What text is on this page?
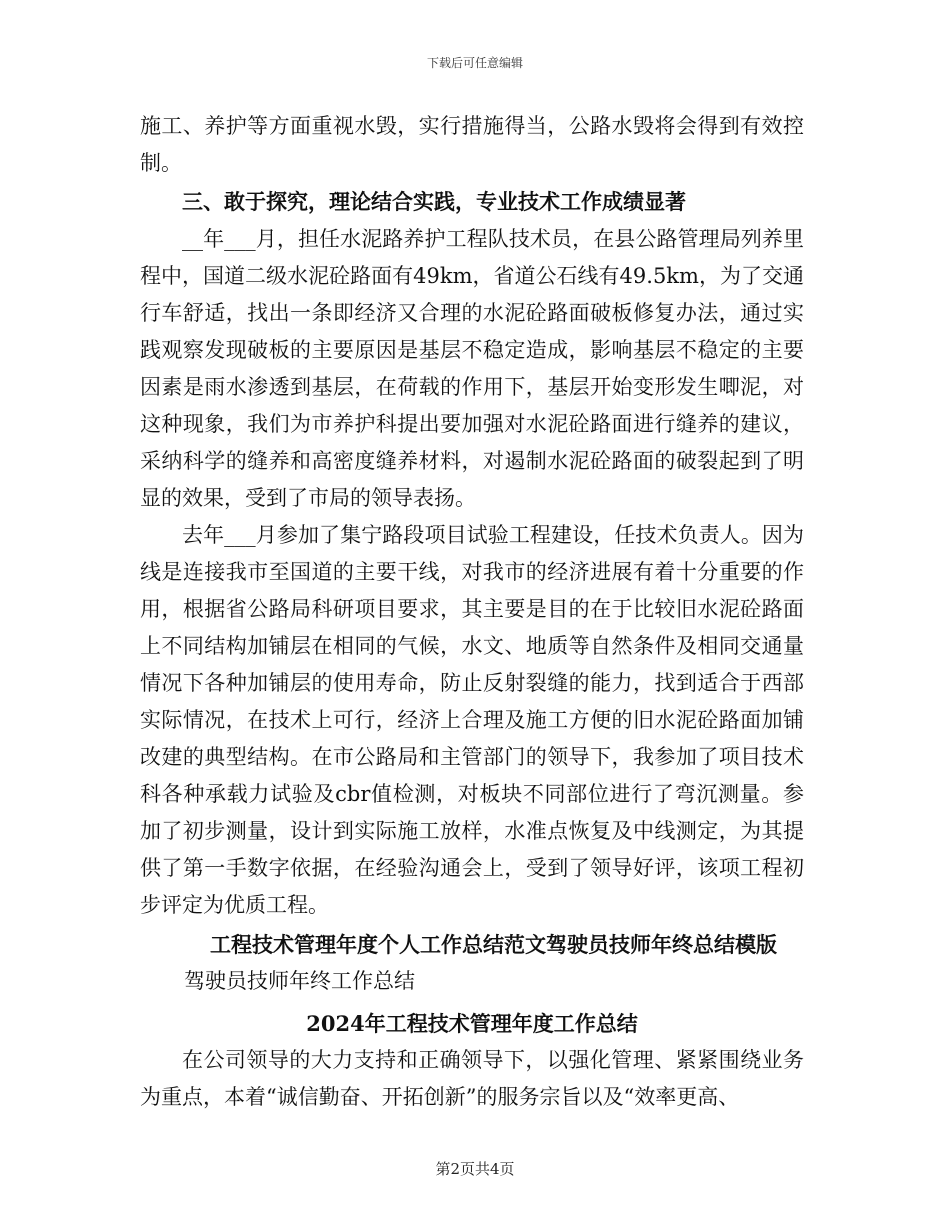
下载后可任意编辑

施工、养护等方面重视水毁，实行措施得当，公路水毁将会得到有效控制。

三、敢于探究，理论结合实践，专业技术工作成绩显著

__年___月，担任水泥路养护工程队技术员，在县公路管理局列养里程中，国道二级水泥砼路面有49km，省道公石线有49.5km，为了交通行车舒适，找出一条即经济又合理的水泥砼路面破板修复办法，通过实践观察发现破板的主要原因是基层不稳定造成，影响基层不稳定的主要因素是雨水渗透到基层，在荷载的作用下，基层开始变形发生唧泥，对这种现象，我们为市养护科提出要加强对水泥砼路面进行缝养的建议，采纳科学的缝养和高密度缝养材料，对遏制水泥砼路面的破裂起到了明显的效果，受到了市局的领导表扬。

去年___月参加了集宁路段项目试验工程建设，任技术负责人。因为线是连接我市至国道的主要干线，对我市的经济进展有着十分重要的作用，根据省公路局科研项目要求，其主要是目的在于比较旧水泥砼路面上不同结构加铺层在相同的气候，水文、地质等自然条件及相同交通量情况下各种加铺层的使用寿命，防止反射裂缝的能力，找到适合于西部实际情况，在技术上可行，经济上合理及施工方便的旧水泥砼路面加铺改建的典型结构。在市公路局和主管部门的领导下，我参加了项目技术科各种承载力试验及cbr值检测，对板块不同部位进行了弯沉测量。参加了初步测量，设计到实际施工放样，水准点恢复及中线测定，为其提供了第一手数字依据，在经验沟通会上，受到了领导好评，该项工程初步评定为优质工程。

工程技术管理年度个人工作总结范文驾驶员技师年终总结模版

驾驶员技师年终工作总结

2024年工程技术管理年度工作总结

在公司领导的大力支持和正确领导下，以强化管理、紧紧围绕业务为重点，本着“诚信勤奋、开拓创新”的服务宗旨以及“效率更高、

第2页共4页
